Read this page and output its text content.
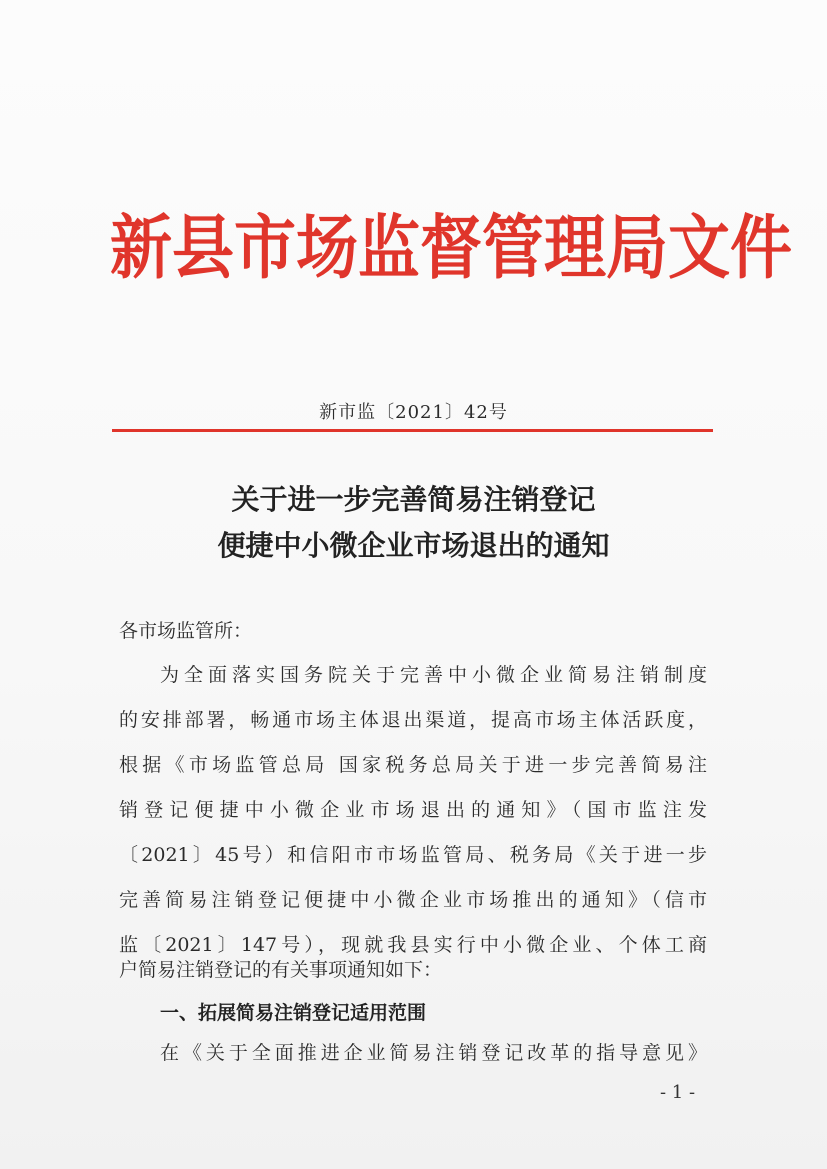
新县市场监督管理局文件
新市监〔2021〕42号
关于进一步完善简易注销登记
便捷中小微企业市场退出的通知
各市场监管所：
为全面落实国务院关于完善中小微企业简易注销制度
的安排部署，畅通市场主体退出渠道，提高市场主体活跃度，
根据《市场监管总局 国家税务总局关于进一步完善简易注
销登记便捷中小微企业市场退出的通知》（国市监注发
〔2021〕45号）和信阳市市场监管局、税务局《关于进一步
完善简易注销登记便捷中小微企业市场推出的通知》（信市
监〔2021〕147号），现就我县实行中小微企业、个体工商
户简易注销登记的有关事项通知如下：
一、拓展简易注销登记适用范围
在《关于全面推进企业简易注销登记改革的指导意见》
- 1 -
